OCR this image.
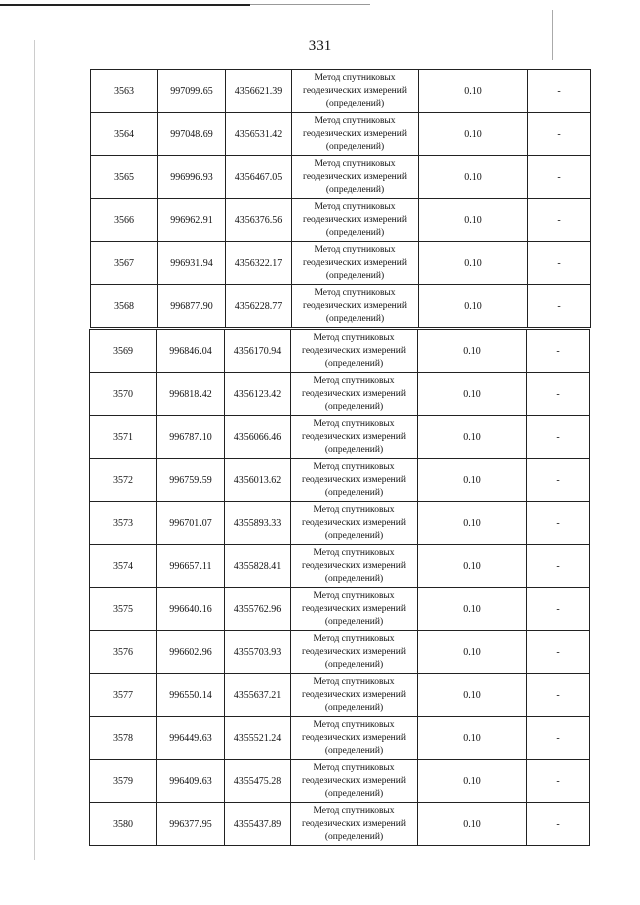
331
3563	997099.65	4356621.39	Метод спутниковых
геодезических измерений
(определений)	0.10	-
3564	997048.69	4356531.42	Метод спутниковых
геодезических измерений
(определений)	0.10	-
3565	996996.93	4356467.05	Метод спутниковых
геодезических измерений
(определений)	0.10	-
3566	996962.91	4356376.56	Метод спутниковых
геодезических измерений
(определений)	0.10	-
3567	996931.94	4356322.17	Метод спутниковых
геодезических измерений
(определений)	0.10	-
3568	996877.90	4356228.77	Метод спутниковых
геодезических измерений
(определений)	0.10	-
3569	996846.04	4356170.94	Метод спутниковых
геодезических измерений
(определений)	0.10	-
3570	996818.42	4356123.42	Метод спутниковых
геодезических измерений
(определений)	0.10	-
3571	996787.10	4356066.46	Метод спутниковых
геодезических измерений
(определений)	0.10	-
3572	996759.59	4356013.62	Метод спутниковых
геодезических измерений
(определений)	0.10	-
3573	996701.07	4355893.33	Метод спутниковых
геодезических измерений
(определений)	0.10	-
3574	996657.11	4355828.41	Метод спутниковых
геодезических измерений
(определений)	0.10	-
3575	996640.16	4355762.96	Метод спутниковых
геодезических измерений
(определений)	0.10	-
3576	996602.96	4355703.93	Метод спутниковых
геодезических измерений
(определений)	0.10	-
3577	996550.14	4355637.21	Метод спутниковых
геодезических измерений
(определений)	0.10	-
3578	996449.63	4355521.24	Метод спутниковых
геодезических измерений
(определений)	0.10	-
3579	996409.63	4355475.28	Метод спутниковых
геодезических измерений
(определений)	0.10	-
3580	996377.95	4355437.89	Метод спутниковых
геодезических измерений
(определений)	0.10	-
